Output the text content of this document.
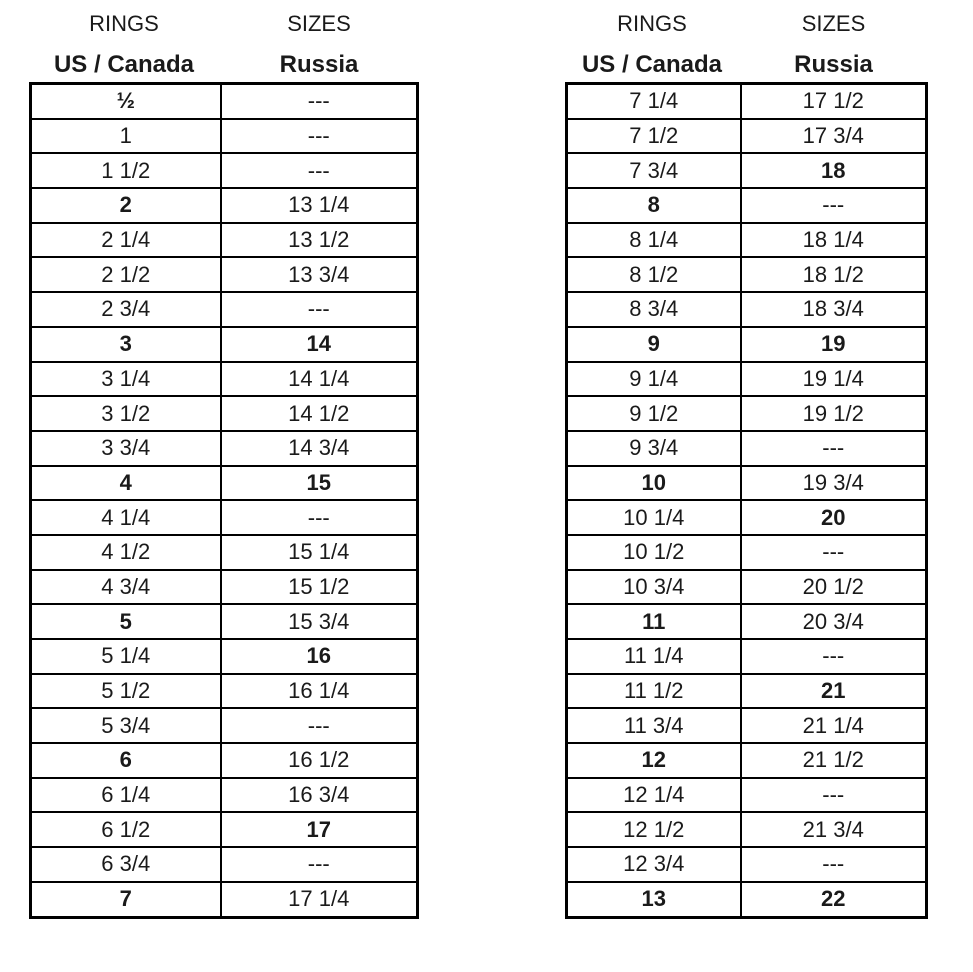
RINGS	SIZES
US / Canada	Russia
½	---
1	---
1 1/2	---
2	13 1/4
2 1/4	13 1/2
2 1/2	13 3/4
2 3/4	---
3	14
3 1/4	14 1/4
3 1/2	14 1/2
3 3/4	14 3/4
4	15
4 1/4	---
4 1/2	15 1/4
4 3/4	15 1/2
5	15 3/4
5 1/4	16
5 1/2	16 1/4
5 3/4	---
6	16 1/2
6 1/4	16 3/4
6 1/2	17
6 3/4	---
7	17 1/4
RINGS	SIZES
US / Canada	Russia
7 1/4	17 1/2
7 1/2	17 3/4
7 3/4	18
8	---
8 1/4	18 1/4
8 1/2	18 1/2
8 3/4	18 3/4
9	19
9 1/4	19 1/4
9 1/2	19 1/2
9 3/4	---
10	19 3/4
10 1/4	20
10 1/2	---
10 3/4	20 1/2
11	20 3/4
11 1/4	---
11 1/2	21
11 3/4	21 1/4
12	21 1/2
12 1/4	---
12 1/2	21 3/4
12 3/4	---
13	22
